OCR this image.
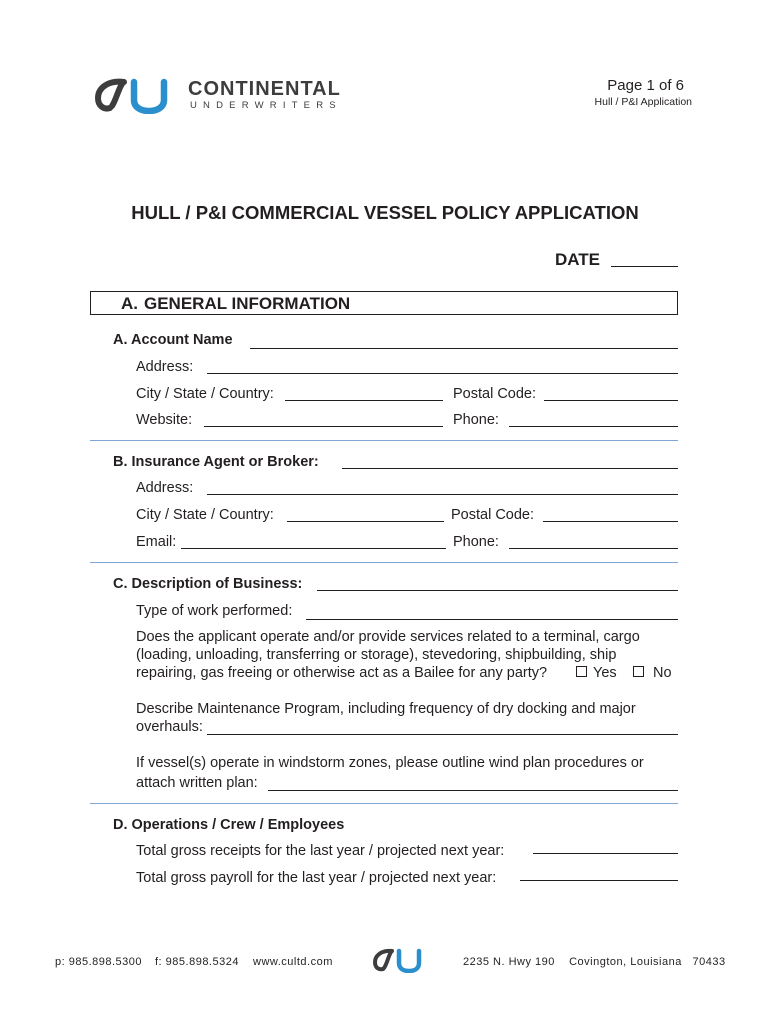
CONTINENTAL
UNDERWRITERS
Page 1 of 6
Hull / P&I Application
HULL / P&I COMMERCIAL VESSEL POLICY APPLICATION
DATE
A. GENERAL INFORMATION
A. Account Name
Address:
City / State / Country:	Postal Code:
Website:	Phone:
B. Insurance Agent or Broker:
Address:
City / State / Country:	Postal Code:
Email:	Phone:
C. Description of Business:
Type of work performed:
Does the applicant operate and/or provide services related to a terminal, cargo
(loading, unloading, transferring or storage), stevedoring, shipbuilding, ship
repairing, gas freeing or otherwise act as a Bailee for any party?	Yes	No
Describe Maintenance Program, including frequency of dry docking and major
overhauls:
If vessel(s) operate in windstorm zones, please outline wind plan procedures or
attach written plan:
D. Operations / Crew / Employees
Total gross receipts for the last year / projected next year:
Total gross payroll for the last year / projected next year:
p: 985.898.5300 f: 985.898.5324 www.cultd.com	2235 N. Hwy 190    Covington, Louisiana   70433
